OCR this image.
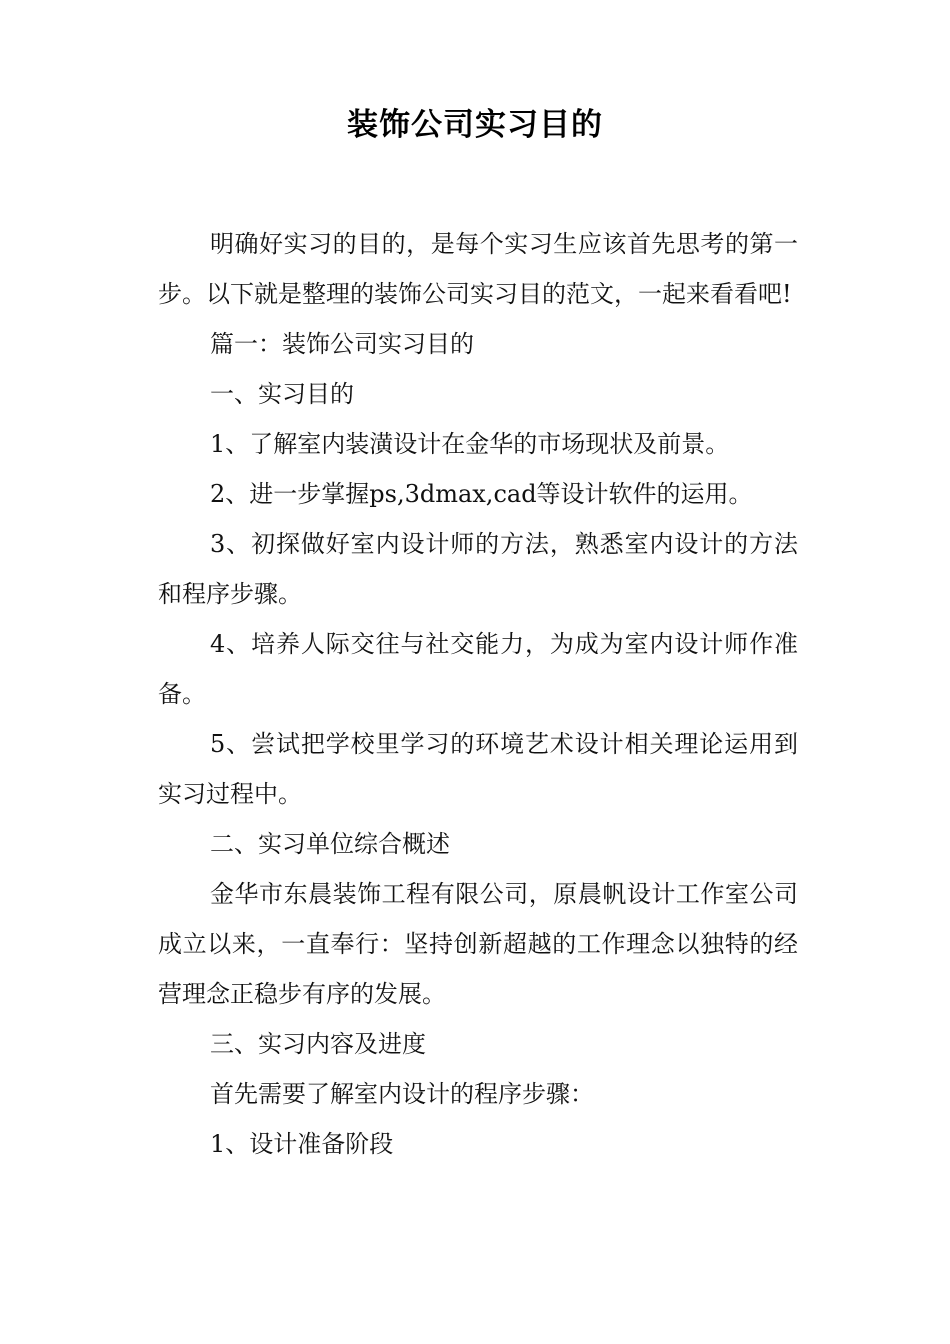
装饰公司实习目的

明确好实习的目的，是每个实习生应该首先思考的第一步。以下就是整理的装饰公司实习目的范文，一起来看看吧!

篇一：装饰公司实习目的

一、实习目的

1、了解室内装潢设计在金华的市场现状及前景。

2、进一步掌握ps,3dmax,cad等设计软件的运用。

3、初探做好室内设计师的方法，熟悉室内设计的方法和程序步骤。

4、培养人际交往与社交能力，为成为室内设计师作准备。

5、尝试把学校里学习的环境艺术设计相关理论运用到实习过程中。

二、实习单位综合概述

金华市东晨装饰工程有限公司，原晨帆设计工作室公司成立以来，一直奉行：坚持创新超越的工作理念以独特的经营理念正稳步有序的发展。

三、实习内容及进度

首先需要了解室内设计的程序步骤：

1、设计准备阶段
